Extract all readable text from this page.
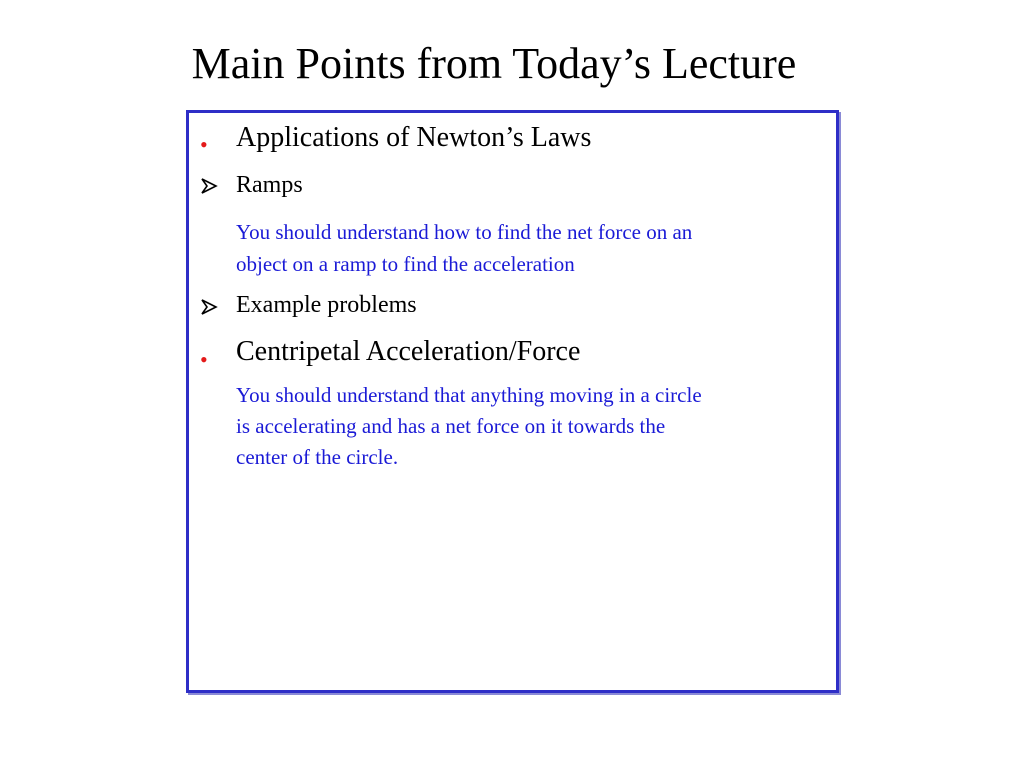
Main Points from Today’s Lecture
• Applications of Newton’s Laws
Ramps
You should understand how to find the net force on an
object on a ramp to find the acceleration
Example problems
• Centripetal Acceleration/Force
You should understand that anything moving in a circle
is accelerating and has a net force on it towards the
center of the circle.
